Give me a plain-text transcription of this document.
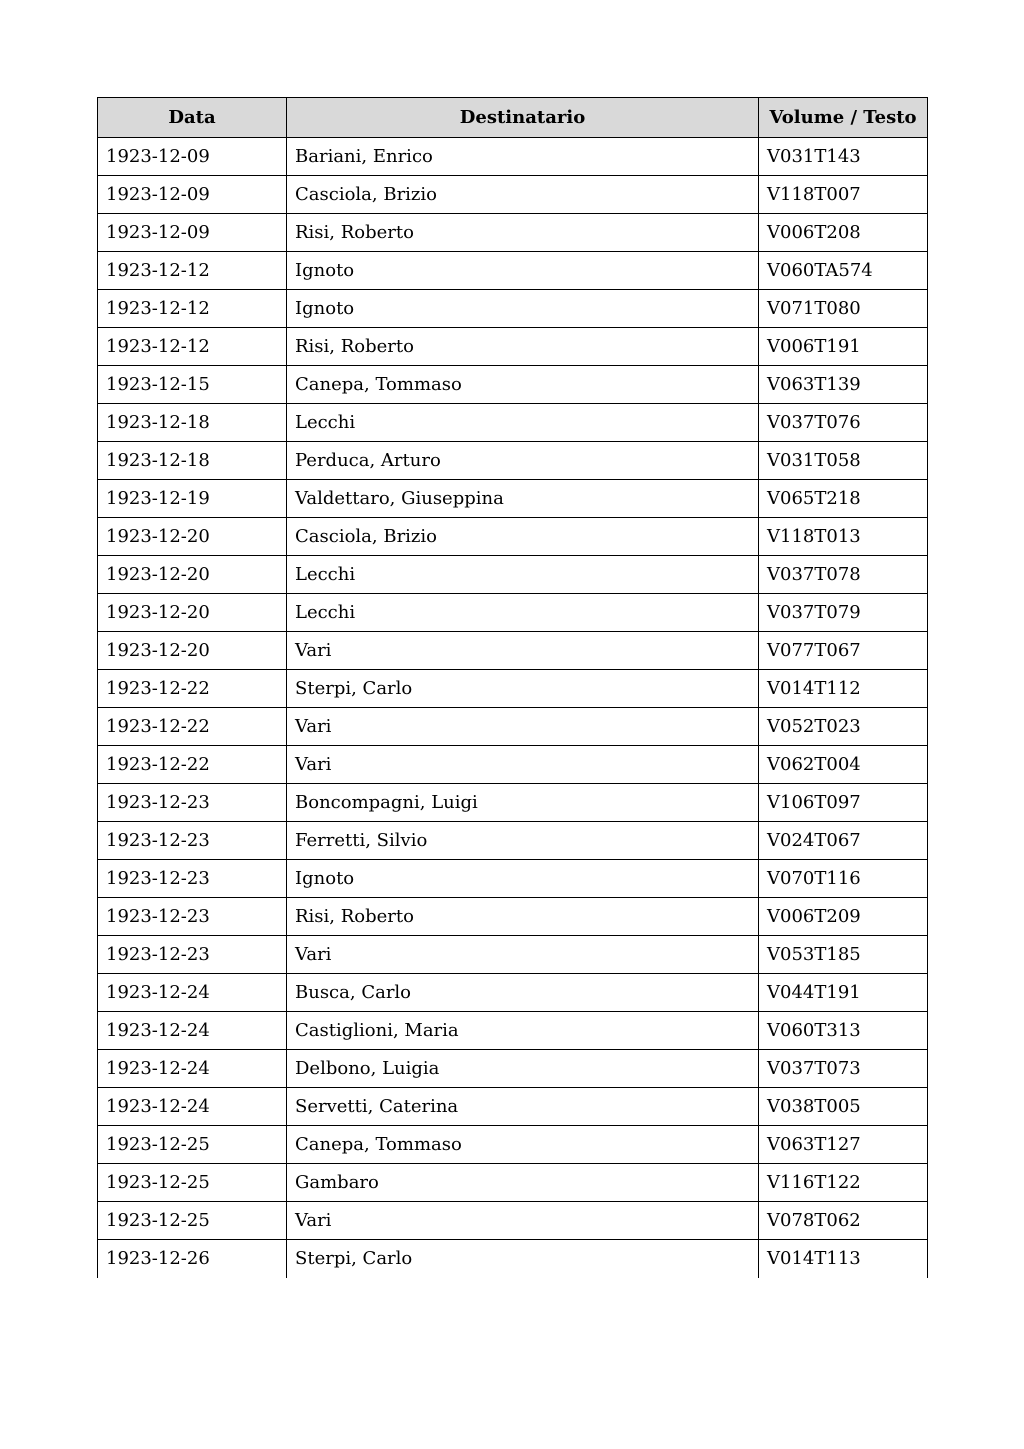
Data	Destinatario	Volume / Testo
1923-12-09	Bariani, Enrico	V031T143
1923-12-09	Casciola, Brizio	V118T007
1923-12-09	Risi, Roberto	V006T208
1923-12-12	Ignoto	V060TA574
1923-12-12	Ignoto	V071T080
1923-12-12	Risi, Roberto	V006T191
1923-12-15	Canepa, Tommaso	V063T139
1923-12-18	Lecchi	V037T076
1923-12-18	Perduca, Arturo	V031T058
1923-12-19	Valdettaro, Giuseppina	V065T218
1923-12-20	Casciola, Brizio	V118T013
1923-12-20	Lecchi	V037T078
1923-12-20	Lecchi	V037T079
1923-12-20	Vari	V077T067
1923-12-22	Sterpi, Carlo	V014T112
1923-12-22	Vari	V052T023
1923-12-22	Vari	V062T004
1923-12-23	Boncompagni, Luigi	V106T097
1923-12-23	Ferretti, Silvio	V024T067
1923-12-23	Ignoto	V070T116
1923-12-23	Risi, Roberto	V006T209
1923-12-23	Vari	V053T185
1923-12-24	Busca, Carlo	V044T191
1923-12-24	Castiglioni, Maria	V060T313
1923-12-24	Delbono, Luigia	V037T073
1923-12-24	Servetti, Caterina	V038T005
1923-12-25	Canepa, Tommaso	V063T127
1923-12-25	Gambaro	V116T122
1923-12-25	Vari	V078T062
1923-12-26	Sterpi, Carlo	V014T113
